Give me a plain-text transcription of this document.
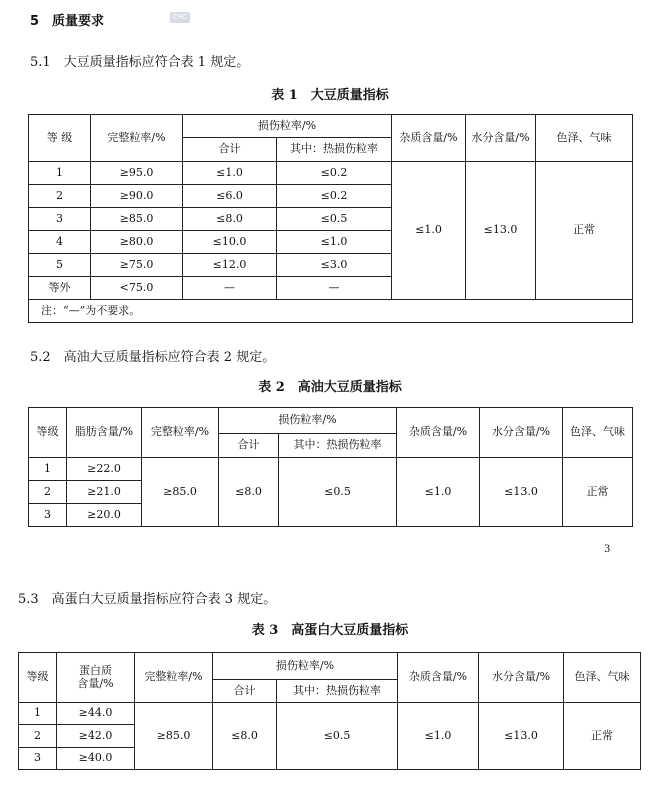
5　质量要求	CRC
5.1　大豆质量指标应符合表 1 规定。
表 1　大豆质量指标
等 级	完整粒率/%	损伤粒率/%		杂质含量/%	水分含量/%	色泽、气味
		合计	其中：热损伤粒率			
1	≥95.0	≤1.0	≤0.2	≤1.0	≤13.0	正常
2	≥90.0	≤6.0	≤0.2			
3	≥85.0	≤8.0	≤0.5			
4	≥80.0	≤10.0	≤1.0			
5	≥75.0	≤12.0	≤3.0			
等外	<75.0	—	—			
注：“—”为不要求。						
5.2　高油大豆质量指标应符合表 2 规定。
表 2　高油大豆质量指标
等级	脂肪含量/%	完整粒率/%	损伤粒率/%		杂质含量/%	水分含量/%	色泽、气味
			合计	其中：热损伤粒率			
1	≥22.0	≥85.0	≤8.0	≤0.5	≤1.0	≤13.0	正常
2	≥21.0						
3	≥20.0						
3
5.3　高蛋白大豆质量指标应符合表 3 规定。
表 3　高蛋白大豆质量指标
等级	蛋白质
含量/%	完整粒率/%	损伤粒率/%		杂质含量/%	水分含量/%	色泽、气味
			合计	其中：热损伤粒率			
1	≥44.0	≥85.0	≤8.0	≤0.5	≤1.0	≤13.0	正常
2	≥42.0						
3	≥40.0						
